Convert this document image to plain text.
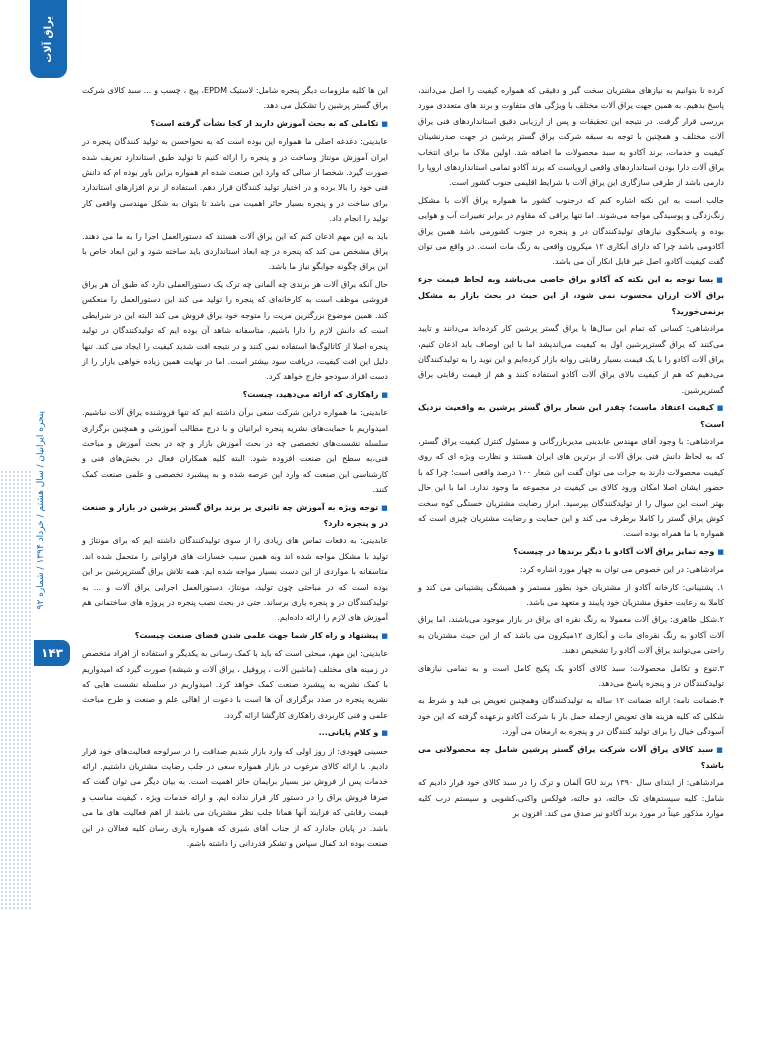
یراق آلات
پنجره ایرانیان / سال هشتم / خرداد ۱۳۹۴ / شماره ۹۲
۱۴۳

کرده تا بتوانیم به نیازهای مشتریان سخت گیر و دقیقی که همواره کیفیت را اصل می‌دانند، پاسخ بدهیم. به همین جهت یراق آلات مختلف با ویژگی های متفاوت و برند های متعددی مورد بررسی قرار گرفت. در نتیجه این تحقیقات و پس از ارزیابی دقیق استانداردهای فنی یراق آلات مختلف و همچنین با توجه به سبقه شرکت یراق گستر پرشین در جهت صدرنشینان کیفیت و خدمات، برند آکادو به سبد محصولات ما اضافه شد. اولین ملاک ما برای انتخاب یراق آلات دارا بودن استانداردهای واقعی اروپاست که برند آکادو تمامی استانداردهای اروپا را دارمی باشد از طرفی سازگاری این یراق آلات با شرایط اقلیمی جنوب کشور است.

جالب است به این نکته اشاره کنم که درجنوب کشور ما همواره یراق آلات با مشکل زنگ‌زدگی و پوسیدگی مواجه می‌شوند. اما تنها یراقی که مقاوم در برابر تغییرات آب و هوایی بوده و پاسخگوی نیازهای تولیدکنندگان در و پنجره در جنوب کشورمی باشد همین یراق آکادومی باشد چرا که دارای آبکاری ۱۲ میکرون واقعی به رنگ مات است. در واقع می توان گفت کیفیت آکادو، اصل غیر قابل انکار آن می باشد.

■ بسا توجه به این نکته که آکادو یراق خاصی می‌باشد وبه لحاظ قیمت جزء یراق آلات ارزان محسوب نمی شود، از این حیث در بحث بازار به مشکل برنمی‌خورید؟

مرادشاهی: کسانی که تمام این سال‌ها با یراق گستر پرشین کار کرده‌اند می‌دانند و تایید می‌کنند که یراق گستر‌پرشین اول به کیفیت می‌اندیشد اما با این اوصاف باید اذعان کنیم، یراق آلات آکادو را با یک قیمت بسیار رقابتی روانه بازار کرده‌ایم و این نوید را به تولیدکنندگان می‌دهیم که هم از کیفیت بالای یراق آلات آکادو استفاده کنند و هم از قیمت رقابتی یراق گستر‌پرشین.

■ کیفیت اعتقاد ماست؛ چقدر این شعار یراق گستر پرشین به واقعیت نزدیک است؟

مرادشاهی: با وجود آقای مهندس عابدینی مدیربازرگانی و مسئول کنترل کیفیت یراق گستر، که به لحاظ دانش فنی یراق آلات از برترین های ایران هستند و نظارت ویژه ای که روی کیفیت محصولات دارند به جرات می توان گفت این شعار ۱۰۰ درصد واقعی است؛ چرا که با حضور ایشان اصلا امکان ورود کالای بی کیفیت در مجموعه ما وجود ندارد. اما با این حال بهتر است این سوال را از تولیدکنندگان بپرسید. ابراز رضایت مشتریان خستگی کوه سخت کوش یراق گستر را کاملا برطرف می کند و این حمایت و رضایت مشتریان چیزی است که همواره با ما همراه بوده است.

■ وجه تمایز یراق آلات آکادو با دیگر برندها در چیست؟

مرادشاهی: در این خصوص می توان به چهار مورد اشاره کرد:

۱. پشتیبانی: کارخانه آکادو از مشتریان خود بطور مستمر و همیشگی پشتیبانی می کند و کاملا به رعایت حقوق مشتریان خود پایبند و متعهد می باشد.

۲.شکل ظاهری: یراق آلات معمولا به رنگ نقره ای براق در بازار موجود می‌باشند، اما یراق آلات آکادو به رنگ نقره‌ای مات و آبکاری ۱۲میکرون می باشد که از این حیث مشتریان به راحتی می‌توانند یراق آلات آکادو را تشخیص دهند.

۳.تنوع و تکامل محصولات: سبد کالای آکادو یک پکیج کامل است و به تمامی نیازهای تولیدکنندگان در و پنجره پاسخ می‌دهد.

۴.ضمانت نامه: ارائه ضمانت ۱۲ ساله به تولیدکنندگان وهمچنین تعویض بی قید و شرط به شکلی که کلیه هزینه های تعویض ازجمله حمل بار با شرکت آکادو برعهده گرفته که این خود آسودگی خیال را برای تولید کنندگان در و پنجره به ارمغان می آورد.

■ سبد کالای یراق آلات شرکت یراق گستر پرشین شامل چه محصولاتی می باشد؟

مرادشاهی: از ابتدای سال ۱۳۹۰ برند GU آلمان و ترک را در سبد کالای خود قرار دادیم که شامل: کلیه سیستم‌های تک حالته، دو حالته، فولکس واکنی،کشویی و سیستم درب کلیه موارد مذکور عیناً در مورد برند آکادو نیز صدق می کند. افزون بر

این ها کلیه ملزومات دیگر پنجره شامل: لاستیک EPDM، پیچ ، چسب و ... سبد کالای شرکت یراق گستر پرشین را تشکیل می دهد.

■ تکاملی که به بحث آموزش دارید از کجا نشأت گرفته است؟

عابدینی: دغدغه اصلی ما همواره این بوده است که به نحواحسن به تولید کنندگان پنجره در ایران آموزش مونتاژ وساخت در و پنجره را ارائه کنیم تا تولید طبق استاندارد تعریف شده صورت گیرد. شخصا از سالی که وارد این صنعت شده ام همواره براین باور بوده ام که دانش فنی خود را بالا برده و در اختیار تولید کنندگان قرار دهم. استفاده از نرم افزارهای استاندارد برای ساخت در و پنجره بسیار حائز اهمیت می باشد تا بتوان به شکل مهندسی واقعی کار تولید را انجام داد.

باید به این مهم اذعان کنم که این یراق آلات هستند که دستورالعمل اجرا را به ما می دهند. یراق مشخص می کند که پنجره در چه ابعاد استانداردی باید ساخته شود و این ابعاد خاص با این یراق چگونه جوابگو نیاز ما باشد.

حال آنکه یراق آلات هر برندی چه آلمانی چه ترک یک دستورالعملی دارد که طبق آن هر یراق فروشی موظف است به کارخانه‌ای که پنجره را تولید می کند این دستورالعمل را منعکس کند. همین موضوع بزرگترین مزیت را متوجه خود یراق فروش می کند البته این در شرایطی است که دانش لازم را دارا باشیم. متاسفانه شاهد آن بوده ایم که تولیدکنندگان در تولید پنجره اصلا از کاتالوگ‌ها استفاده نمی کنند و در نتیجه افت شدید کیفیت را ایجاد می کند. تنها دلیل این افت کیفیت، دریافت سود بیشتر است. اما در نهایت همین زیاده خواهی بازار را از دست افراد سودجو خارج خواهد کرد.

■ راهکاری که ارائه می‌دهید، چیست؟

عابدینی: ما همواره دراین شرکت سعی برآن داشته ایم که تنها فروشنده یراق آلات نباشیم. امیدواریم با حمایت‌های نشریه پنجره ایرانیان و با درج مطالب آموزشی و همچنین برگزاری سلسله نشست‌های تخصصی چه در بحث آموزش بازار و چه در بحث آموزش و مباحث فنی،به سطح این صنعت افزوده شود. البته کلیه همکاران فعال در بخش‌های فنی و کارشناسی این صنعت که وارد این عرصه شده و به پیشبرد تخصصی و علمی صنعت کمک کنند.

■ توجه ویژه به آموزش چه تاثیری بر برند یراق گستر پرشین در بازار و صنعت در و پنجره دارد؟

عابدینی: به دفعات تماس های زیادی را از سوی تولیدکنندگان داشته ایم که برای مونتاژ و تولید با مشکل مواجه شده اند وبه همین سبب خسارات های فراوانی را متحمل شده اند. متاسفانه با مواردی از این دست بسیار مواجه شده ایم. همه تلاش یراق گستر‌پرشین بر این بوده است که در مباحثی چون تولید، مونتاژ، دستورالعمل اجرایی یراق آلات و ... به تولیدکنندگان در و پنجره یاری برساند. حتی در بحث نصب پنجره در پروژه های ساختمانی هم آموزش های لازم را ارائه داده‌ایم.

■ پیشنهاد و راه کار شما جهت علمی شدن فضای صنعت چیست؟

عابدینی: این مهم، مبحثی است که باید با کمک رسانی به یکدیگر و استفاده از افراد متخصص در زمینه های مختلف (ماشین آلات ، پروفیل ، یراق آلات و شیشه) صورت گیرد که امیدواریم با کمک نشریه به پیشبرد صنعت کمک خواهد کرد. امیدواریم در سلسله نشست هایی که نشریه پنجره در صدد برگزاری آن ها است با دعوت از اهالی علم و صنعت و طرح مباحث علمی و فنی کاربردی راهکاری کارگشا ارائه گردد.

■ و کلام پایانی...

حسینی قهودی: از روز اولی که وارد بازار شدیم صداقت را در سرلوحه فعالیت‌های خود قرار دادیم. با ارائه کالای مرغوب در بازار همواره سعی در جلب رضایت مشتریان داشتیم. ارائه خدمات پس از فروش نیز بسیار برایمان حائز اهمیت است. به بیان دیگر می توان گفت که صرفا فروش یراق را در دستور کار قرار نداده ایم. و ارائه خدمات ویژه ، کیفیت مناسب و قیمت رقابتی که فرایند آنها همانا جلب نظر مشتریان می باشد از اهم فعالیت های ما می باشد. در پایان جادارد که از جناب آقای شیری که همواره یاری رسان کلیه فعالان در این صنعت بوده اند کمال سپاس و تشکر قدردانی را داشته باشم.
